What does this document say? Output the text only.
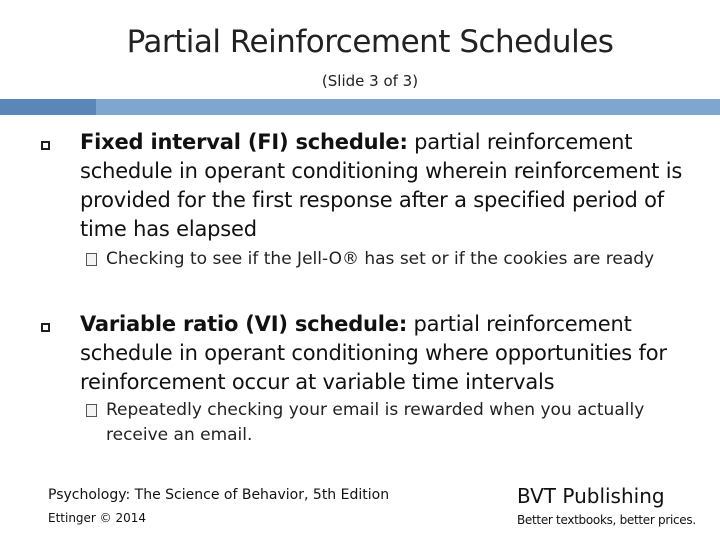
Partial Reinforcement Schedules
(Slide 3 of 3)
Fixed interval (FI) schedule: partial reinforcement schedule in operant conditioning wherein reinforcement is provided for the first response after a specified period of time has elapsed
Checking to see if the Jell-O® has set or if the cookies are ready
Variable ratio (VI) schedule: partial reinforcement schedule in operant conditioning where opportunities for reinforcement occur at variable time intervals
Repeatedly checking your email is rewarded when you actually receive an email.
Psychology: The Science of Behavior, 5th Edition
Ettinger © 2014
BVT Publishing
Better textbooks, better prices.
